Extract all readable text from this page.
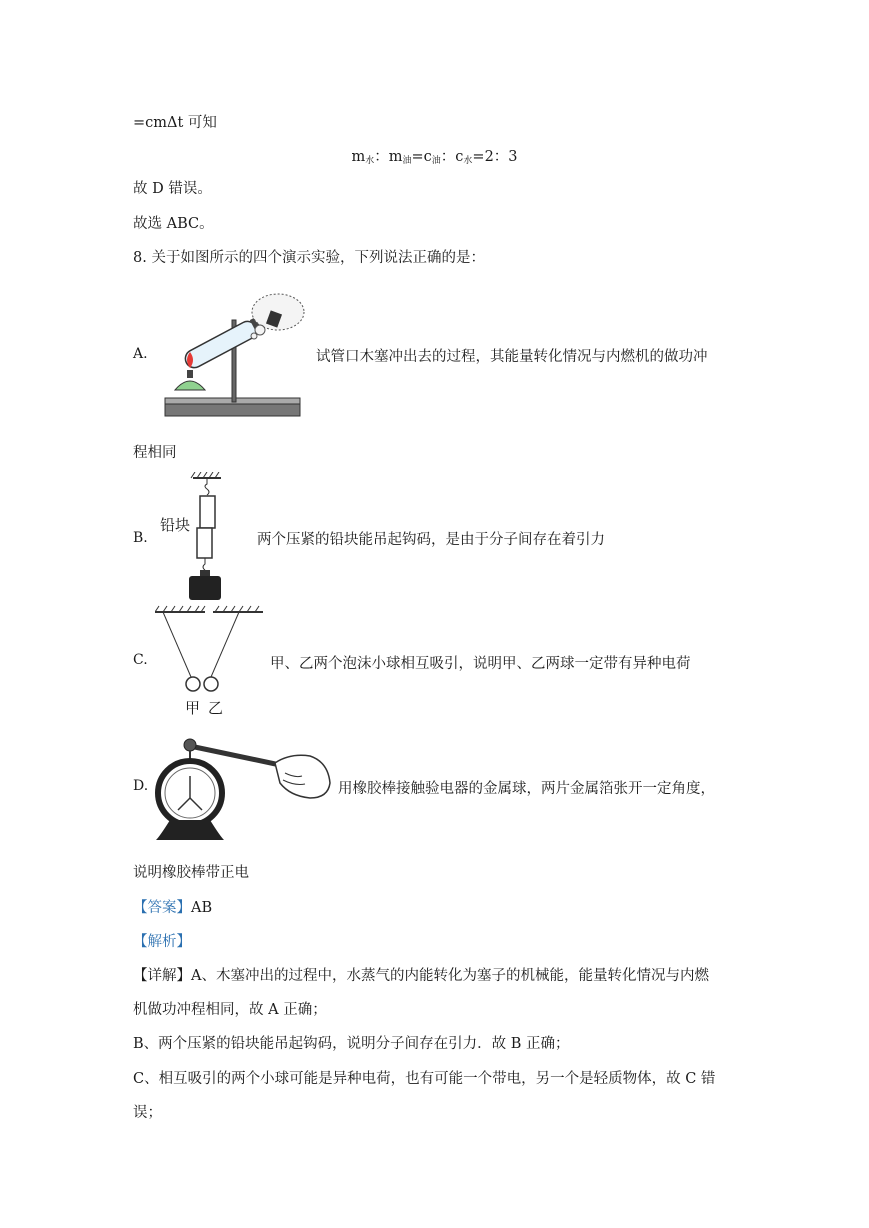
=cmΔt 可知
$m_水$：$m_油=c_油$：$c_水=2$：3
故 D 错误。
故选 ABC。
8. 关于如图所示的四个演示实验，下列说法正确的是：
A.	试管口木塞冲出去的过程，其能量转化情况与内燃机的做功冲
程相同
B.
铅块
两个压紧的铅块能吊起钩码，是由于分子间存在着引力
C.
甲 乙
甲、乙两个泡沫小球相互吸引，说明甲、乙两球一定带有异种电荷
D.	用橡胶棒接触验电器的金属球，两片金属箔张开一定角度，
说明橡胶棒带正电
【答案】AB
【解析】
【详解】A、木塞冲出的过程中，水蒸气的内能转化为塞子的机械能，能量转化情况与内燃
机做功冲程相同，故 A 正确；
B、两个压紧的铅块能吊起钩码，说明分子间存在引力．故 B 正确；
C、相互吸引的两个小球可能是异种电荷，也有可能一个带电，另一个是轻质物体，故 C 错
误；
